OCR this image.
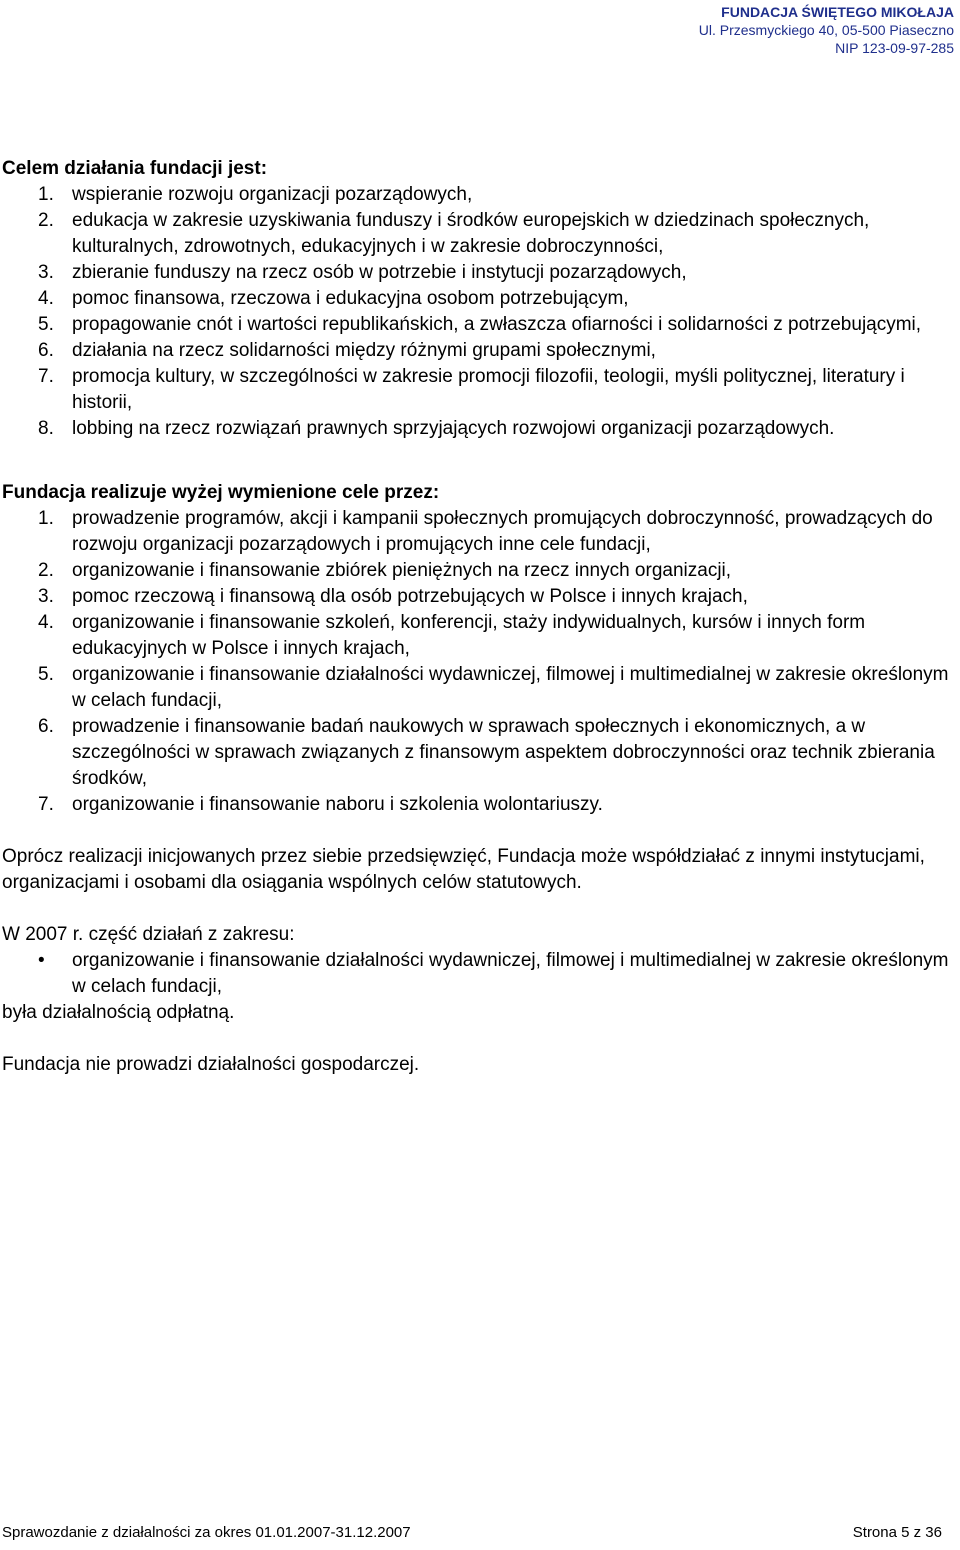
FUNDACJA ŚWIĘTEGO MIKOŁAJA
Ul. Przesmyckiego 40, 05-500 Piaseczno
NIP 123-09-97-285

Celem działania fundacji jest:

1. wspieranie rozwoju organizacji pozarządowych,
2. edukacja w zakresie uzyskiwania funduszy i środków europejskich w dziedzinach społecznych, kulturalnych, zdrowotnych, edukacyjnych i w zakresie dobroczynności,
3. zbieranie funduszy na rzecz osób w potrzebie i instytucji pozarządowych,
4. pomoc finansowa, rzeczowa i edukacyjna osobom potrzebującym,
5. propagowanie cnót i wartości republikańskich, a zwłaszcza ofiarności i solidarności z potrzebującymi,
6. działania na rzecz solidarności między różnymi grupami społecznymi,
7. promocja kultury, w szczególności w zakresie promocji filozofii, teologii, myśli politycznej, literatury i historii,
8. lobbing na rzecz rozwiązań prawnych sprzyjających rozwojowi organizacji pozarządowych.

Fundacja realizuje wyżej wymienione cele przez:

1. prowadzenie programów, akcji i kampanii społecznych promujących dobroczynność, prowadzących do rozwoju organizacji pozarządowych i promujących inne cele fundacji,
2. organizowanie i finansowanie zbiórek pieniężnych na rzecz innych organizacji,
3. pomoc rzeczową i finansową dla osób potrzebujących w Polsce i innych krajach,
4. organizowanie i finansowanie szkoleń, konferencji, staży indywidualnych, kursów i innych form edukacyjnych w Polsce i innych krajach,
5. organizowanie i finansowanie działalności wydawniczej, filmowej i multimedialnej w zakresie określonym w celach fundacji,
6. prowadzenie i finansowanie badań naukowych w sprawach społecznych i ekonomicznych, a w szczególności w sprawach związanych z finansowym aspektem dobroczynności oraz technik zbierania środków,
7. organizowanie i finansowanie naboru i szkolenia wolontariuszy.

Oprócz realizacji inicjowanych przez siebie przedsięwzięć, Fundacja może współdziałać z innymi instytucjami, organizacjami i osobami dla osiągania wspólnych celów statutowych.

W 2007 r. część działań z zakresu:

• organizowanie i finansowanie działalności wydawniczej, filmowej i multimedialnej w zakresie określonym w celach fundacji,

była działalnością odpłatną.

Fundacja nie prowadzi działalności gospodarczej.

Sprawozdanie z działalności za okres 01.01.2007-31.12.2007	Strona 5 z 36
